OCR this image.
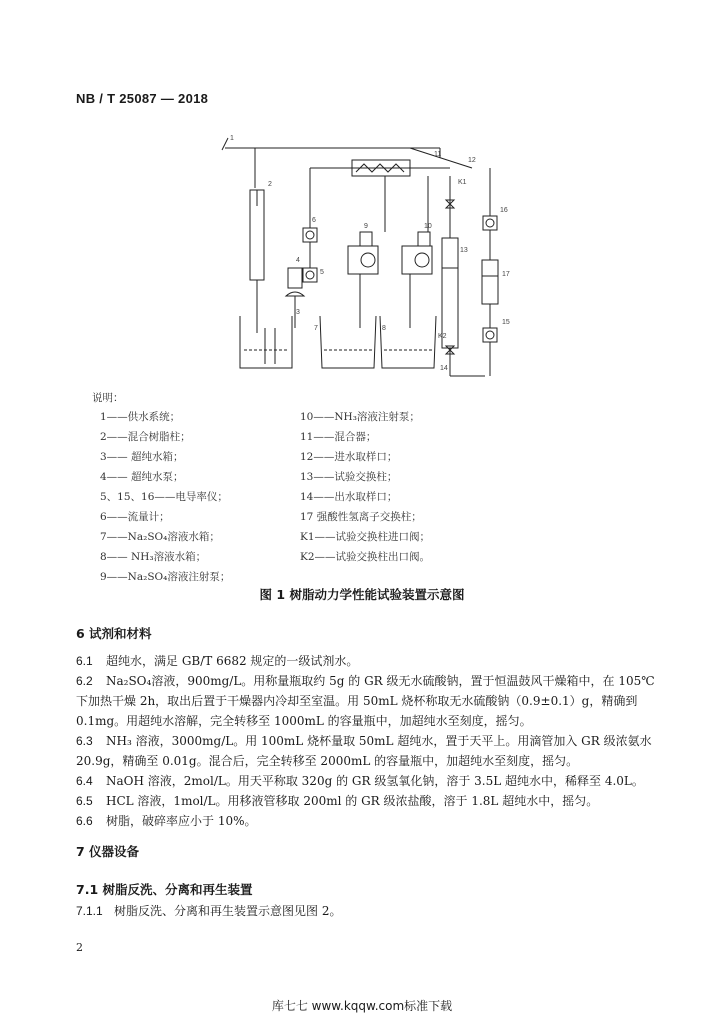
NB / T 25087 — 2018
1
2
3
4
5
6
7	8
9	10
11
12
13
14
15
16
17
K1
K2
说明：
1——供水系统；
2——混合树脂柱；
3—— 超纯水箱；
4—— 超纯水泵；
5、15、16——电导率仪；
6——流量计；
7——Na₂SO₄溶液水箱；
8—— NH₃溶液水箱；
9——Na₂SO₄溶液注射泵；
10——NH₃溶液注射泵；
11——混合器；
12——进水取样口；
13——试验交换柱；
14——出水取样口；
17 强酸性氢离子交换柱；
K1——试验交换柱进口阀；
K2——试验交换柱出口阀。
图 1 树脂动力学性能试验装置示意图
6 试剂和材料
6.1 超纯水，满足 GB/T 6682 规定的一级试剂水。
6.2 Na₂SO₄溶液，900mg/L。用称量瓶取约 5g 的 GR 级无水硫酸钠，置于恒温鼓风干燥箱中，在 105℃
下加热干燥 2h，取出后置于干燥器内冷却至室温。用 50mL 烧杯称取无水硫酸钠（0.9±0.1）g，精确到
0.1mg。用超纯水溶解，完全转移至 1000mL 的容量瓶中，加超纯水至刻度，摇匀。
6.3 NH₃ 溶液，3000mg/L。用 100mL 烧杯量取 50mL 超纯水，置于天平上。用滴管加入 GR 级浓氨水
20.9g，精确至 0.01g。混合后，完全转移至 2000mL 的容量瓶中，加超纯水至刻度，摇匀。
6.4 NaOH 溶液，2mol/L。用天平称取 320g 的 GR 级氢氧化钠，溶于 3.5L 超纯水中，稀释至 4.0L。
6.5 HCL 溶液，1mol/L。用移液管移取 200ml 的 GR 级浓盐酸，溶于 1.8L 超纯水中，摇匀。
6.6 树脂，破碎率应小于 10%。
7 仪器设备
7.1 树脂反洗、分离和再生装置
7.1.1 树脂反洗、分离和再生装置示意图见图 2。
2
库七七 www.kqqw.com标准下载
